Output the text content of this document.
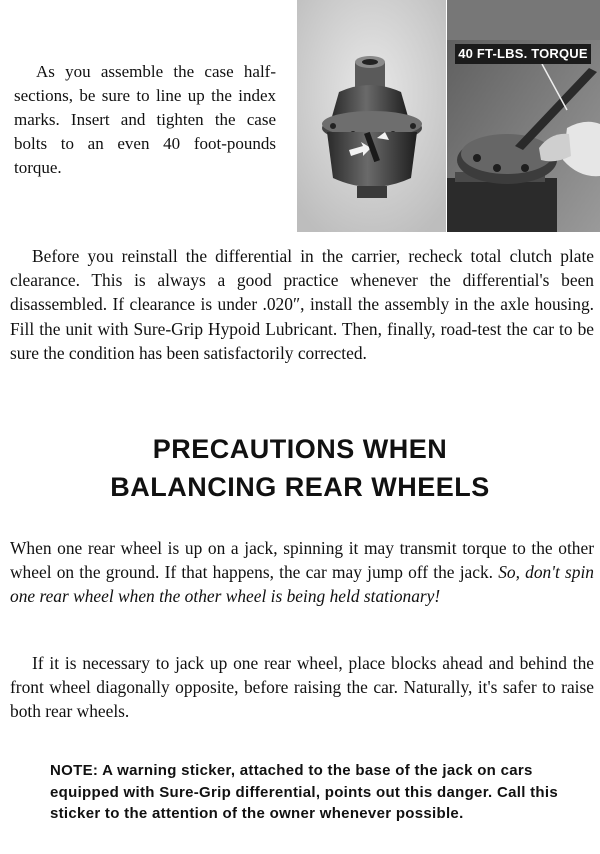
As you assemble the case half-sections, be sure to line up the index marks. Insert and tighten the case bolts to an even 40 foot-pounds torque.

40 FT-LBS. TORQUE

Before you reinstall the differential in the carrier, recheck total clutch plate clearance. This is always a good practice whenever the differential's been disassembled. If clearance is under .020″, install the assembly in the axle housing. Fill the unit with Sure-Grip Hypoid Lubricant. Then, finally, road-test the car to be sure the condition has been satisfactorily corrected.

PRECAUTIONS WHEN
BALANCING REAR WHEELS

When one rear wheel is up on a jack, spinning it may transmit torque to the other wheel on the ground. If that happens, the car may jump off the jack. So, don't spin one rear wheel when the other wheel is being held stationary!

If it is necessary to jack up one rear wheel, place blocks ahead and behind the front wheel diagonally opposite, before raising the car. Naturally, it's safer to raise both rear wheels.

NOTE: A warning sticker, attached to the base of the jack on cars equipped with Sure-Grip differential, points out this danger. Call this sticker to the attention of the owner whenever possible.
